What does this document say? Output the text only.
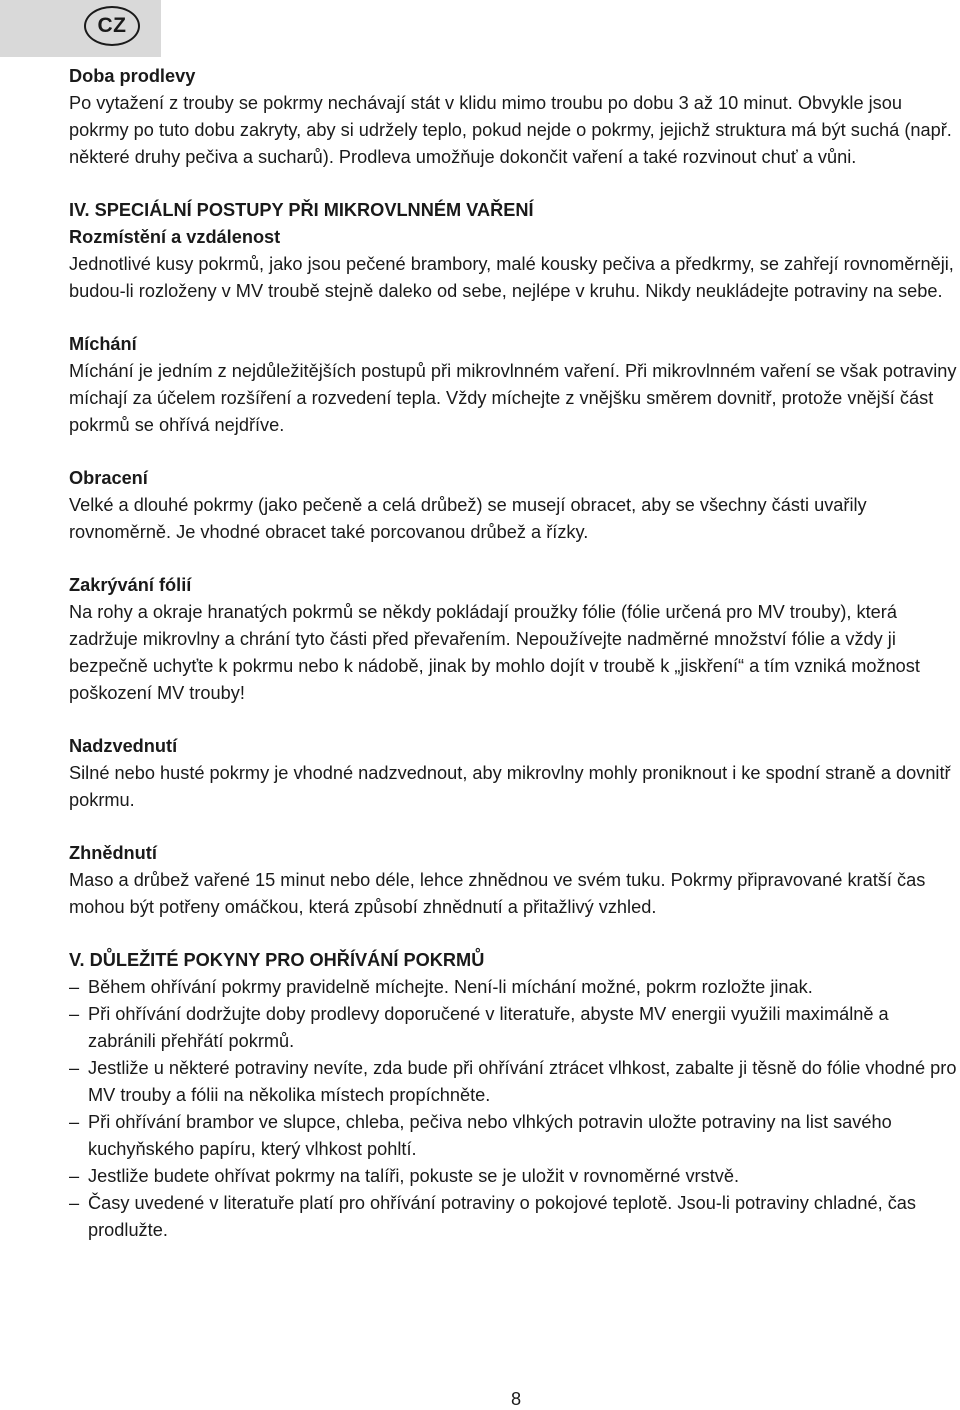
CZ

Doba prodlevy

Po vytažení z trouby se pokrmy nechávají stát v klidu mimo troubu po dobu 3 až 10 minut. Obvykle jsou pokrmy po tuto dobu zakryty, aby si udržely teplo, pokud nejde o pokrmy, jejichž struktura má být suchá (např. některé druhy pečiva a sucharů). Prodleva umožňuje dokončit vaření a také rozvinout chuť a vůni.

IV. SPECIÁLNÍ POSTUPY PŘI MIKROVLNNÉM VAŘENÍ

Rozmístění a vzdálenost

Jednotlivé kusy pokrmů, jako jsou pečené brambory, malé kousky pečiva a předkrmy, se zahřejí rovnoměrněji, budou-li rozloženy v MV troubě stejně daleko od sebe, nejlépe v kruhu. Nikdy neukládejte potraviny na sebe.

Míchání

Míchání je jedním z nejdůležitějších postupů při mikrovlnném vaření. Při mikrovlnném vaření se však potraviny míchají za účelem rozšíření a rozvedení tepla. Vždy míchejte z vnějšku směrem dovnitř, protože vnější část pokrmů se ohřívá nejdříve.

Obracení

Velké a dlouhé pokrmy (jako pečeně a celá drůbež) se musejí obracet, aby se všechny části uvařily rovnoměrně. Je vhodné obracet také porcovanou drůbež a řízky.

Zakrývání fólií

Na rohy a okraje hranatých pokrmů se někdy pokládají proužky fólie (fólie určená pro MV trouby), která zadržuje mikrovlny a chrání tyto části před převařením. Nepoužívejte nadměrné množství fólie a vždy ji bezpečně uchyťte k pokrmu nebo k nádobě, jinak by mohlo dojít v troubě k „jiskření“ a tím vzniká možnost poškození MV trouby!

Nadzvednutí

Silné nebo husté pokrmy je vhodné nadzvednout, aby mikrovlny mohly proniknout i ke spodní straně a dovnitř pokrmu.

Zhnědnutí

Maso a drůbež vařené 15 minut nebo déle, lehce zhnědnou ve svém tuku. Pokrmy připravované kratší čas mohou být potřeny omáčkou, která způsobí zhnědnutí a přitažlivý vzhled.

V. DŮLEŽITÉ POKYNY PRO OHŘÍVÁNÍ POKRMŮ

– Během ohřívání pokrmy pravidelně míchejte. Není-li míchání možné, pokrm rozložte jinak.
– Při ohřívání dodržujte doby prodlevy doporučené v literatuře, abyste MV energii využili maximálně a zabránili přehřátí pokrmů.
– Jestliže u některé potraviny nevíte, zda bude při ohřívání ztrácet vlhkost, zabalte ji těsně do fólie vhodné pro MV trouby a fólii na několika místech propíchněte.
– Při ohřívání brambor ve slupce, chleba, pečiva nebo vlhkých potravin uložte potraviny na list savého kuchyňského papíru, který vlhkost pohltí.
– Jestliže budete ohřívat pokrmy na talíři, pokuste se je uložit v rovnoměrné vrstvě.
– Časy uvedené v literatuře platí pro ohřívání potraviny o pokojové teplotě. Jsou-li potraviny chladné, čas prodlužte.
8
